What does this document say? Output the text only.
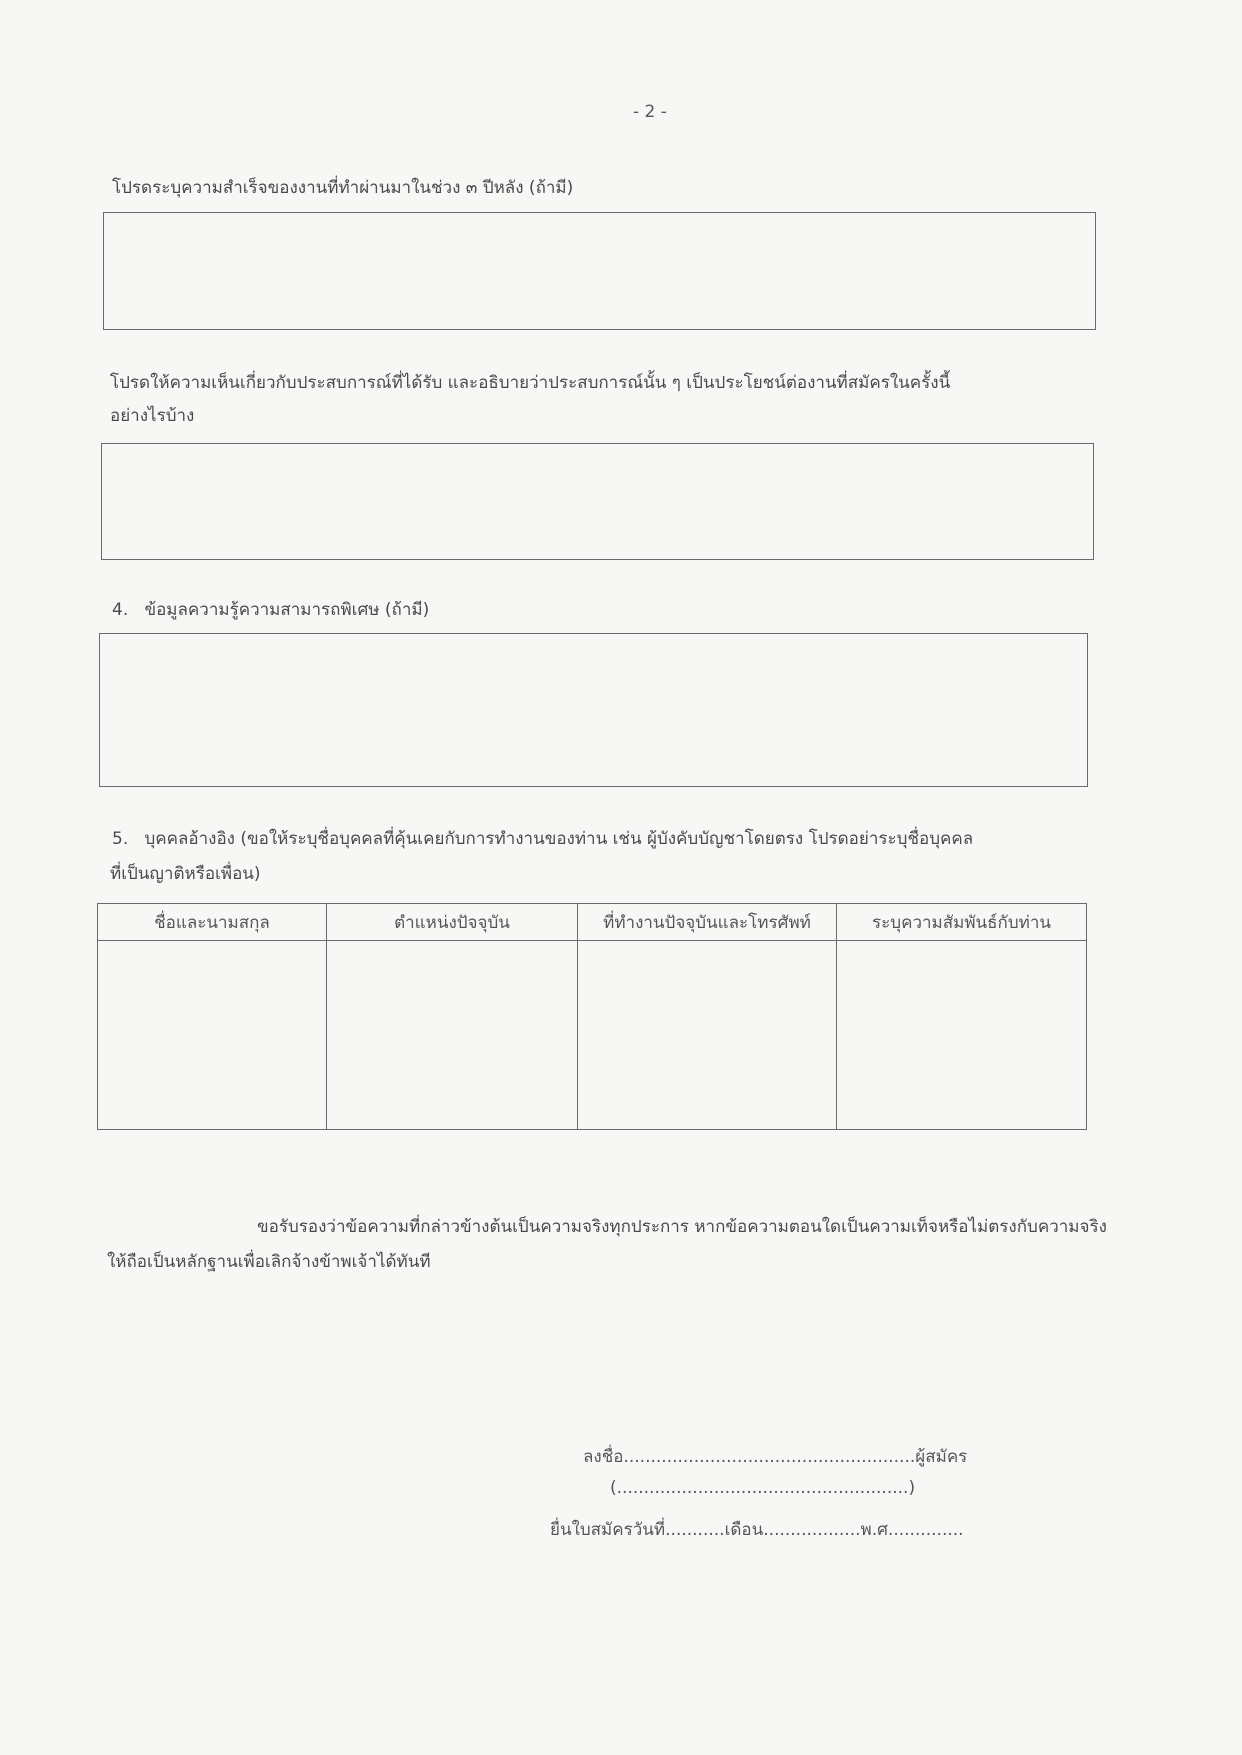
- 2 -
โปรดระบุความสำเร็จของงานที่ทำผ่านมาในช่วง ๓ ปีหลัง (ถ้ามี)
โปรดให้ความเห็นเกี่ยวกับประสบการณ์ที่ได้รับ และอธิบายว่าประสบการณ์นั้น ๆ เป็นประโยชน์ต่องานที่สมัครในครั้งนี้
อย่างไรบ้าง
4. ข้อมูลความรู้ความสามารถพิเศษ (ถ้ามี)
5. บุคคลอ้างอิง (ขอให้ระบุชื่อบุคคลที่คุ้นเคยกับการทำงานของท่าน เช่น ผู้บังคับบัญชาโดยตรง โปรดอย่าระบุชื่อบุคคล
ที่เป็นญาติหรือเพื่อน)
ชื่อและนามสกุล	ตำแหน่งปัจจุบัน	ที่ทำงานปัจจุบันและโทรศัพท์	ระบุความสัมพันธ์กับท่าน

ขอรับรองว่าข้อความที่กล่าวข้างต้นเป็นความจริงทุกประการ หากข้อความตอนใดเป็นความเท็จหรือไม่ตรงกับความจริง
ให้ถือเป็นหลักฐานเพื่อเลิกจ้างข้าพเจ้าได้ทันที
ลงชื่อ......................................................ผู้สมัคร
(......................................................)
ยื่นใบสมัครวันที่...........เดือน..................พ.ศ..............
